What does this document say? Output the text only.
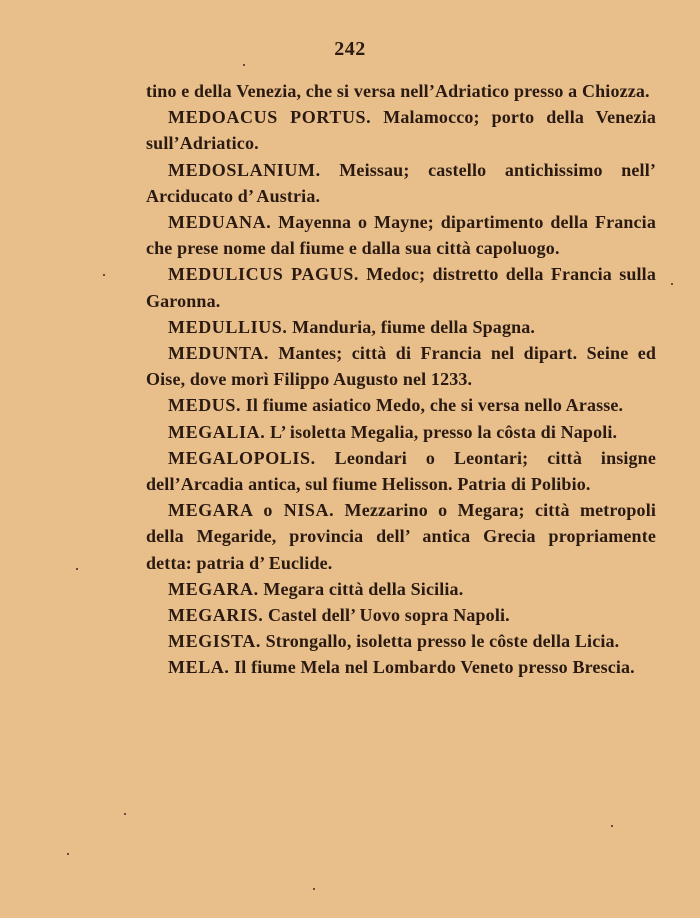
242

tino e della Venezia, che si versa nell’Adriatico presso a Chiozza.

MEDOACUS PORTUS. Malamocco; porto della Venezia sull’Adriatico.

MEDOSLANIUM. Meissau; castello antichissimo nell’ Arciducato d’ Austria.

MEDUANA. Mayenna o Mayne; dipartimento della Francia che prese nome dal fiume e dalla sua città capoluogo.

MEDULICUS PAGUS. Medoc; distretto della Francia sulla Garonna.

MEDULLIUS. Manduria, fiume della Spagna.

MEDUNTA. Mantes; città di Francia nel dipart. Seine ed Oise, dove morì Filippo Augusto nel 1233.

MEDUS. Il fiume asiatico Medo, che si versa nello Arasse.

MEGALIA. L’ isoletta Megalia, presso la côsta di Napoli.

MEGALOPOLIS. Leondari o Leontari; città insigne dell’Arcadia antica, sul fiume Helisson. Patria di Polibio.

MEGARA o NISA. Mezzarino o Megara; città metropoli della Megaride, provincia dell’ antica Grecia propriamente detta: patria d’ Euclide.

MEGARA. Megara città della Sicilia.

MEGARIS. Castel dell’ Uovo sopra Napoli.

MEGISTA. Strongallo, isoletta presso le côste della Licia.

MELA. Il fiume Mela nel Lombardo Veneto presso Brescia.
